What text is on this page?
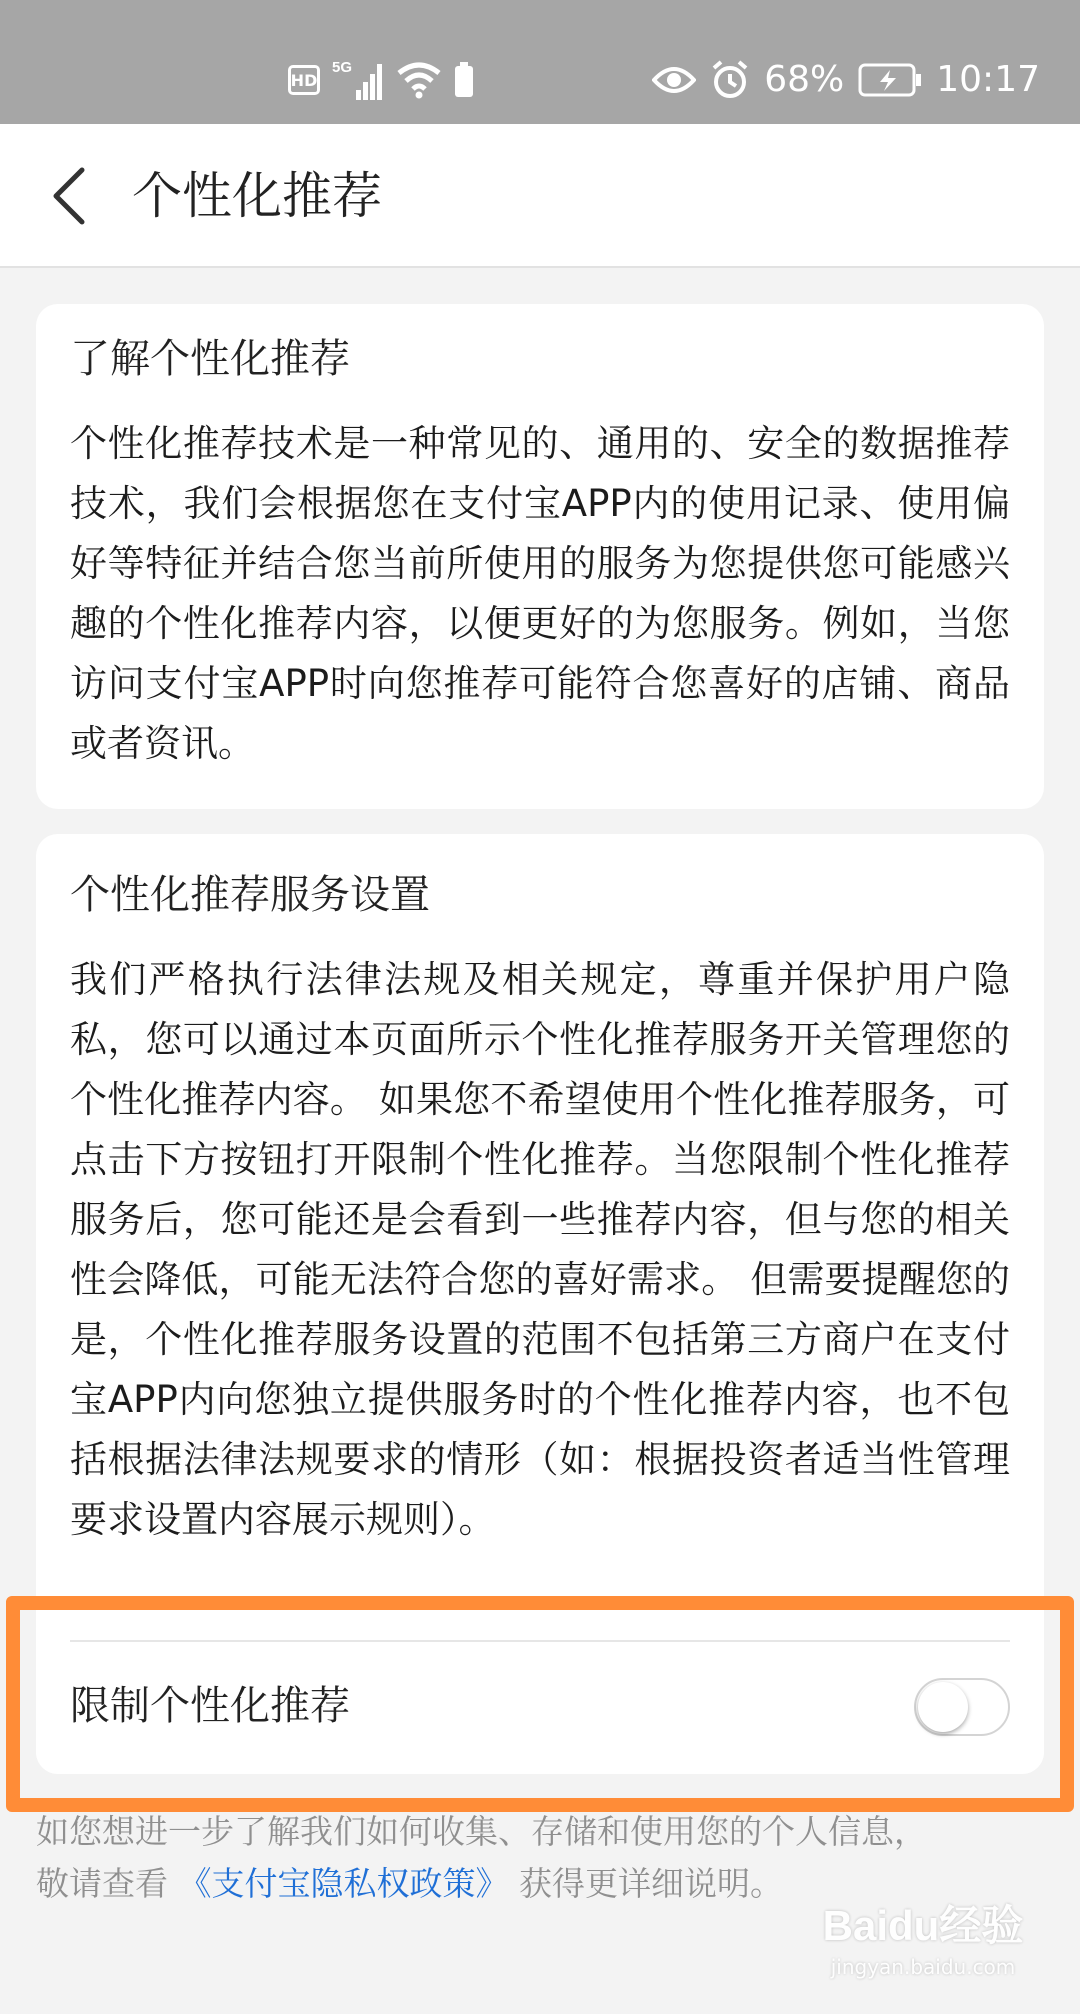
HD
5G	68%	10:17
个性化推荐
了解个性化推荐
个性化推荐技术是一种常见的、通用的、安全的数据推荐技术，我们会根据您在支付宝APP内的使用记录、使用偏好等特征并结合您当前所使用的服务为您提供您可能感兴趣的个性化推荐内容，以便更好的为您服务。例如，当您访问支付宝APP时向您推荐可能符合您喜好的店铺、商品或者资讯。
个性化推荐服务设置
我们严格执行法律法规及相关规定，尊重并保护用户隐私，您可以通过本页面所示个性化推荐服务开关管理您的个性化推荐内容。 如果您不希望使用个性化推荐服务，可点击下方按钮打开限制个性化推荐。当您限制个性化推荐服务后，您可能还是会看到一些推荐内容，但与您的相关性会降低，可能无法符合您的喜好需求。 但需要提醒您的是，个性化推荐服务设置的范围不包括第三方商户在支付宝APP内向您独立提供服务时的个性化推荐内容，也不包括根据法律法规要求的情形（如：根据投资者适当性管理要求设置内容展示规则）。
限制个性化推荐
如您想进一步了解我们如何收集、存储和使用您的个人信息，
敬请查看 《支付宝隐私权政策》 获得更详细说明。
Baidu经验
jingyan.baidu.com
